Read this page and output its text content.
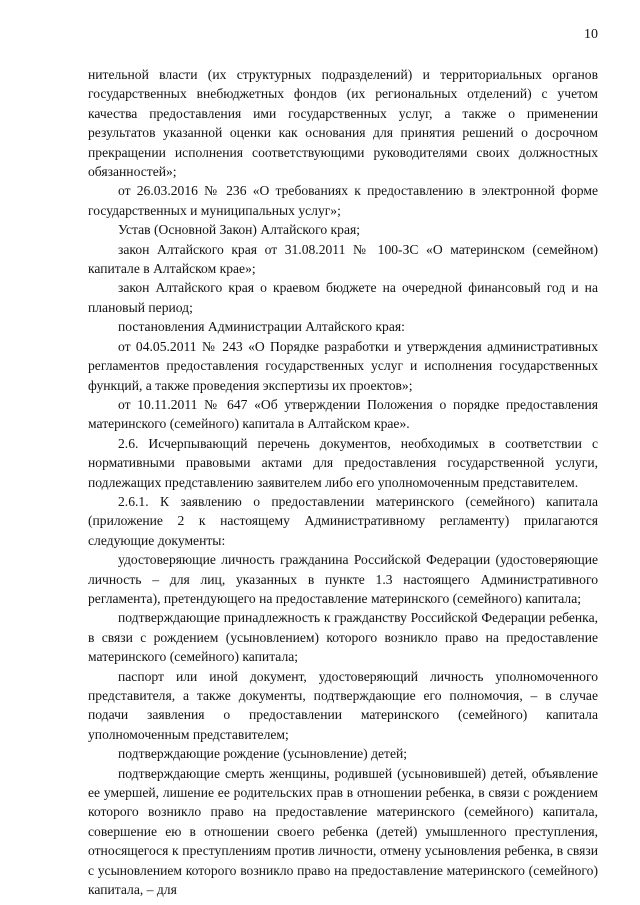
10

нительной власти (их структурных подразделений) и территориальных органов государственных внебюджетных фондов (их региональных отделений) с учетом качества предоставления ими государственных услуг, а также о применении результатов указанной оценки как основания для принятия решений о досрочном прекращении исполнения соответствующими руководителями своих должностных обязанностей»;

от 26.03.2016 № 236 «О требованиях к предоставлению в электронной форме государственных и муниципальных услуг»;

Устав (Основной Закон) Алтайского края;

закон Алтайского края от 31.08.2011 № 100-ЗС «О материнском (семейном) капитале в Алтайском крае»;

закон Алтайского края о краевом бюджете на очередной финансовый год и на плановый период;

постановления Администрации Алтайского края:

от 04.05.2011 № 243 «О Порядке разработки и утверждения административных регламентов предоставления государственных услуг и исполнения государственных функций, а также проведения экспертизы их проектов»;

от 10.11.2011 № 647 «Об утверждении Положения о порядке предоставления материнского (семейного) капитала в Алтайском крае».

2.6. Исчерпывающий перечень документов, необходимых в соответствии с нормативными правовыми актами для предоставления государственной услуги, подлежащих представлению заявителем либо его уполномоченным представителем.

2.6.1. К заявлению о предоставлении материнского (семейного) капитала (приложение 2 к настоящему Административному регламенту) прилагаются следующие документы:

удостоверяющие личность гражданина Российской Федерации (удостоверяющие личность – для лиц, указанных в пункте 1.3 настоящего Административного регламента), претендующего на предоставление материнского (семейного) капитала;

подтверждающие принадлежность к гражданству Российской Федерации ребенка, в связи с рождением (усыновлением) которого возникло право на предоставление материнского (семейного) капитала;

паспорт или иной документ, удостоверяющий личность уполномоченного представителя, а также документы, подтверждающие его полномочия, – в случае подачи заявления о предоставлении материнского (семейного) капитала уполномоченным представителем;

подтверждающие рождение (усыновление) детей;

подтверждающие смерть женщины, родившей (усыновившей) детей, объявление ее умершей, лишение ее родительских прав в отношении ребенка, в связи с рождением которого возникло право на предоставление материнского (семейного) капитала, совершение ею в отношении своего ребенка (детей) умышленного преступления, относящегося к преступлениям против личности, отмену усыновления ребенка, в связи с усыновлением которого возникло право на предоставление материнского (семейного) капитала, – для
